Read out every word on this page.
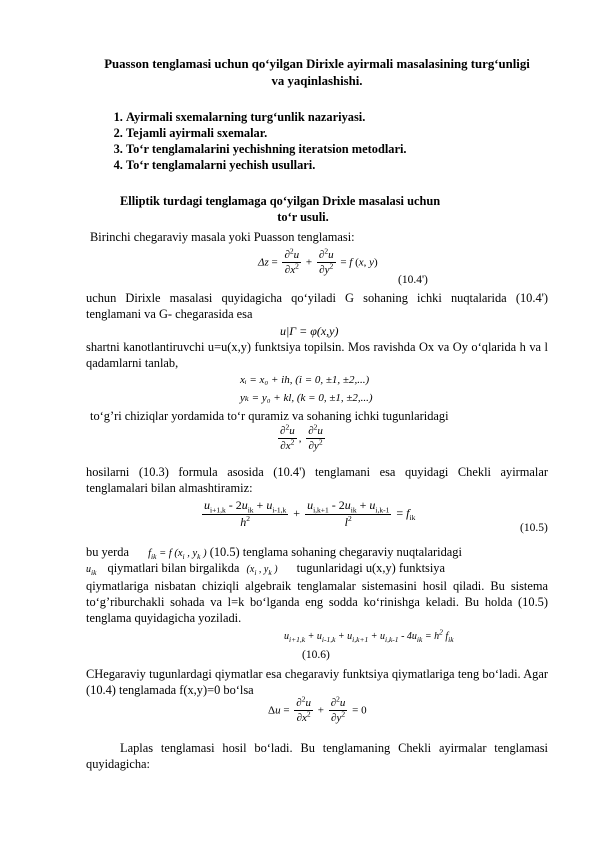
Puasson tenglamasi uchun qo‘yilgan Dirixle ayirmali masalasining turg‘unligi
va yaqinlashishi.
1. Ayirmali sxemalarning turg‘unlik nazariyasi.
2. Tejamli ayirmali sxemalar.
3. To‘r tenglamalarini yechishning iteratsion metodlari.
4. To‘r tenglamalarni yechish usullari.
Elliptik turdagi tenglamaga qo‘yilgan Drixle masalasi uchun
to‘r usuli.
Birinchi chegaraviy masala yoki Puasson tenglamasi:
$\Delta z = \frac{\partial^2u}{\partial x^2} + \frac{\partial^2u}{\partial y^2} = f$ (x, y)
(10.4')
uchun Dirixle masalasi quyidagicha qo‘yiladi G sohaning ichki nuqtalarida (10.4') tenglamani va G- chegarasida esa
u|Г = φ(x,y)
shartni kanotlantiruvchi u=u(x,y) funktsiya topilsin. Mos ravishda Ox va Oy o‘qlarida h va l qadamlarni tanlab,
xᵢ = x₀ + ih, (i = 0, ±1, ±2,...)
yₖ = y₀ + kl, (k = 0, ±1, ±2,...)
to‘g’ri chiziqlar yordamida to‘r quramiz va sohaning ichki tugunlaridagi
$\frac{\partial^2u}{\partial x^2}$ , $\frac{\partial^2u}{\partial y^2}$
hosilarni (10.3) formula asosida (10.4') tenglamani esa quyidagi Chekli ayirmalar tenglamalari bilan almashtiramiz:
$\frac{u_{i+1,k} - 2u_{ik} + u_{i-1,k}}{h^2} + \frac{u_{i,k+1} - 2u_{ik} + u_{i,k-1}}{l^2} = f_{ik}$
(10.5)
bu yerda $f_{ik} = f$ ($x_i$ , $y_k$ ) (10.5) tenglama sohaning chegaraviy nuqtalaridagi
$u_{ik}$ qiymatlari bilan birgalikda ($x_i$ , $y_k$ ) tugunlaridagi u(x,y) funktsiya
qiymatlariga nisbatan chiziqli algebraik tenglamalar sistemasini hosil qiladi. Bu sistema to‘g’riburchakli sohada va l=k bo‘lganda eng sodda ko‘rinishga keladi. Bu holda (10.5) tenglama quyidagicha yoziladi.
$u_{i+1,k} + u_{i-1,k} + u_{i,k+1} + u_{i,k-1} - 4u_{ik} = h^2$ $f_{ik}$
(10.6)
CHegaraviy tugunlardagi qiymatlar esa chegaraviy funktsiya qiymatlariga teng bo‘ladi. Agar (10.4) tenglamada f(x,y)=0 bo‘lsa
$\Delta u = \frac{\partial^2u}{\partial x^2} + \frac{\partial^2u}{\partial y^2} = 0$
Laplas tenglamasi hosil bo‘ladi. Bu tenglamaning Chekli ayirmalar tenglamasi quyidagicha:
